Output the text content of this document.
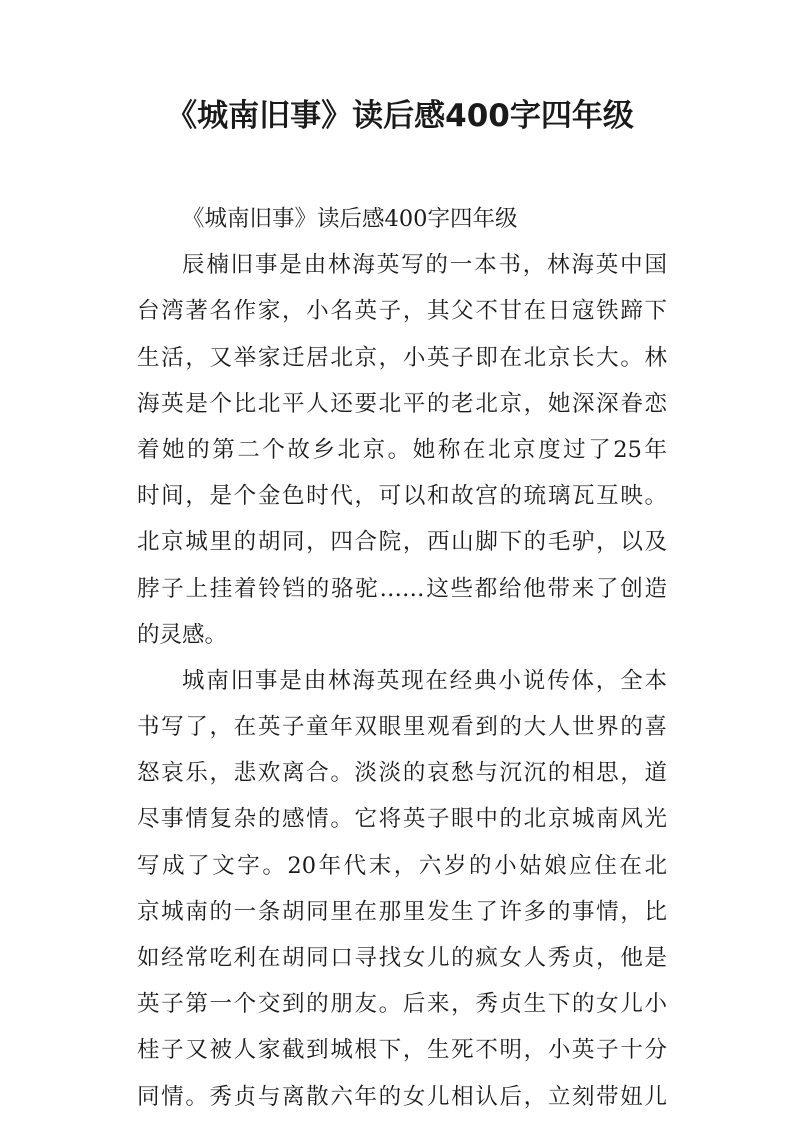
《城南旧事》读后感400字四年级
《城南旧事》读后感400字四年级
辰楠旧事是由林海英写的一本书，林海英中国
台湾著名作家，小名英子，其父不甘在日寇铁蹄下
生活，又举家迁居北京，小英子即在北京长大。林
海英是个比北平人还要北平的老北京，她深深眷恋
着她的第二个故乡北京。她称在北京度过了25年
时间，是个金色时代，可以和故宫的琉璃瓦互映。
北京城里的胡同，四合院，西山脚下的毛驴，以及
脖子上挂着铃铛的骆驼……这些都给他带来了创造
的灵感。
城南旧事是由林海英现在经典小说传体，全本
书写了，在英子童年双眼里观看到的大人世界的喜
怒哀乐，悲欢离合。淡淡的哀愁与沉沉的相思，道
尽事情复杂的感情。它将英子眼中的北京城南风光
写成了文字。20年代末，六岁的小姑娘应住在北
京城南的一条胡同里在那里发生了许多的事情，比
如经常吃利在胡同口寻找女儿的疯女人秀贞，他是
英子第一个交到的朋友。后来，秀贞生下的女儿小
桂子又被人家截到城根下，生死不明，小英子十分
同情。秀贞与离散六年的女儿相认后，立刻带妞儿
